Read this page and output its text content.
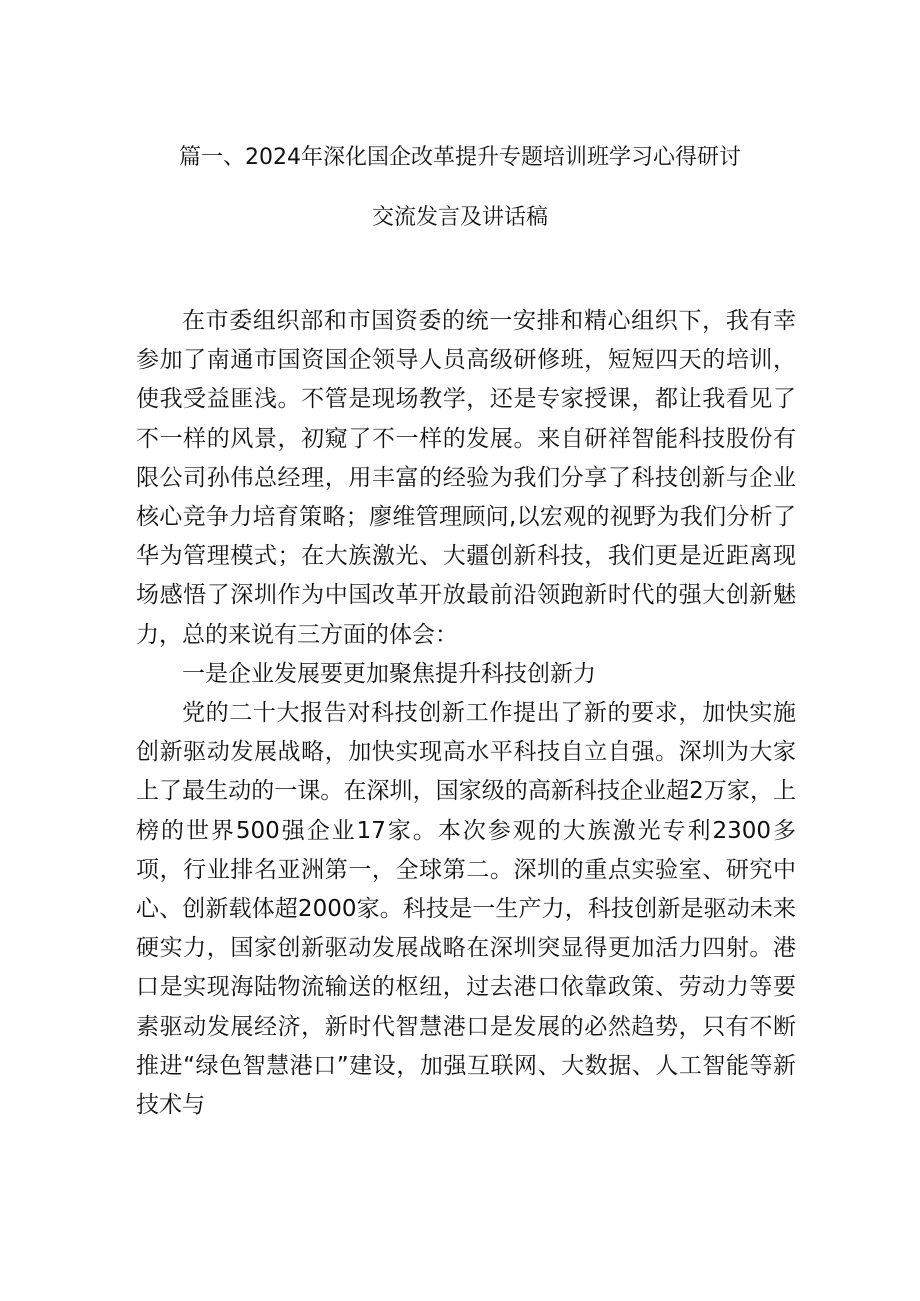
篇一、2024年深化国企改革提升专题培训班学习心得研讨
交流发言及讲话稿

在市委组织部和市国资委的统一安排和精心组织下，我有幸参加了南通市国资国企领导人员高级研修班，短短四天的培训，使我受益匪浅。不管是现场教学，还是专家授课，都让我看见了不一样的风景，初窥了不一样的发展。来自研祥智能科技股份有限公司孙伟总经理，用丰富的经验为我们分享了科技创新与企业核心竞争力培育策略；廖维管理顾问,以宏观的视野为我们分析了华为管理模式；在大族激光、大疆创新科技，我们更是近距离现场感悟了深圳作为中国改革开放最前沿领跑新时代的强大创新魅力，总的来说有三方面的体会：

一是企业发展要更加聚焦提升科技创新力

党的二十大报告对科技创新工作提出了新的要求，加快实施创新驱动发展战略，加快实现高水平科技自立自强。深圳为大家上了最生动的一课。在深圳，国家级的高新科技企业超2万家，上榜的世界500强企业17家。本次参观的大族激光专利2300多项，行业排名亚洲第一，全球第二。深圳的重点实验室、研究中心、创新载体超2000家。科技是一生产力，科技创新是驱动未来硬实力，国家创新驱动发展战略在深圳突显得更加活力四射。港口是实现海陆物流输送的枢纽，过去港口依靠政策、劳动力等要素驱动发展经济，新时代智慧港口是发展的必然趋势，只有不断推进“绿色智慧港口”建设，加强互联网、大数据、人工智能等新技术与
